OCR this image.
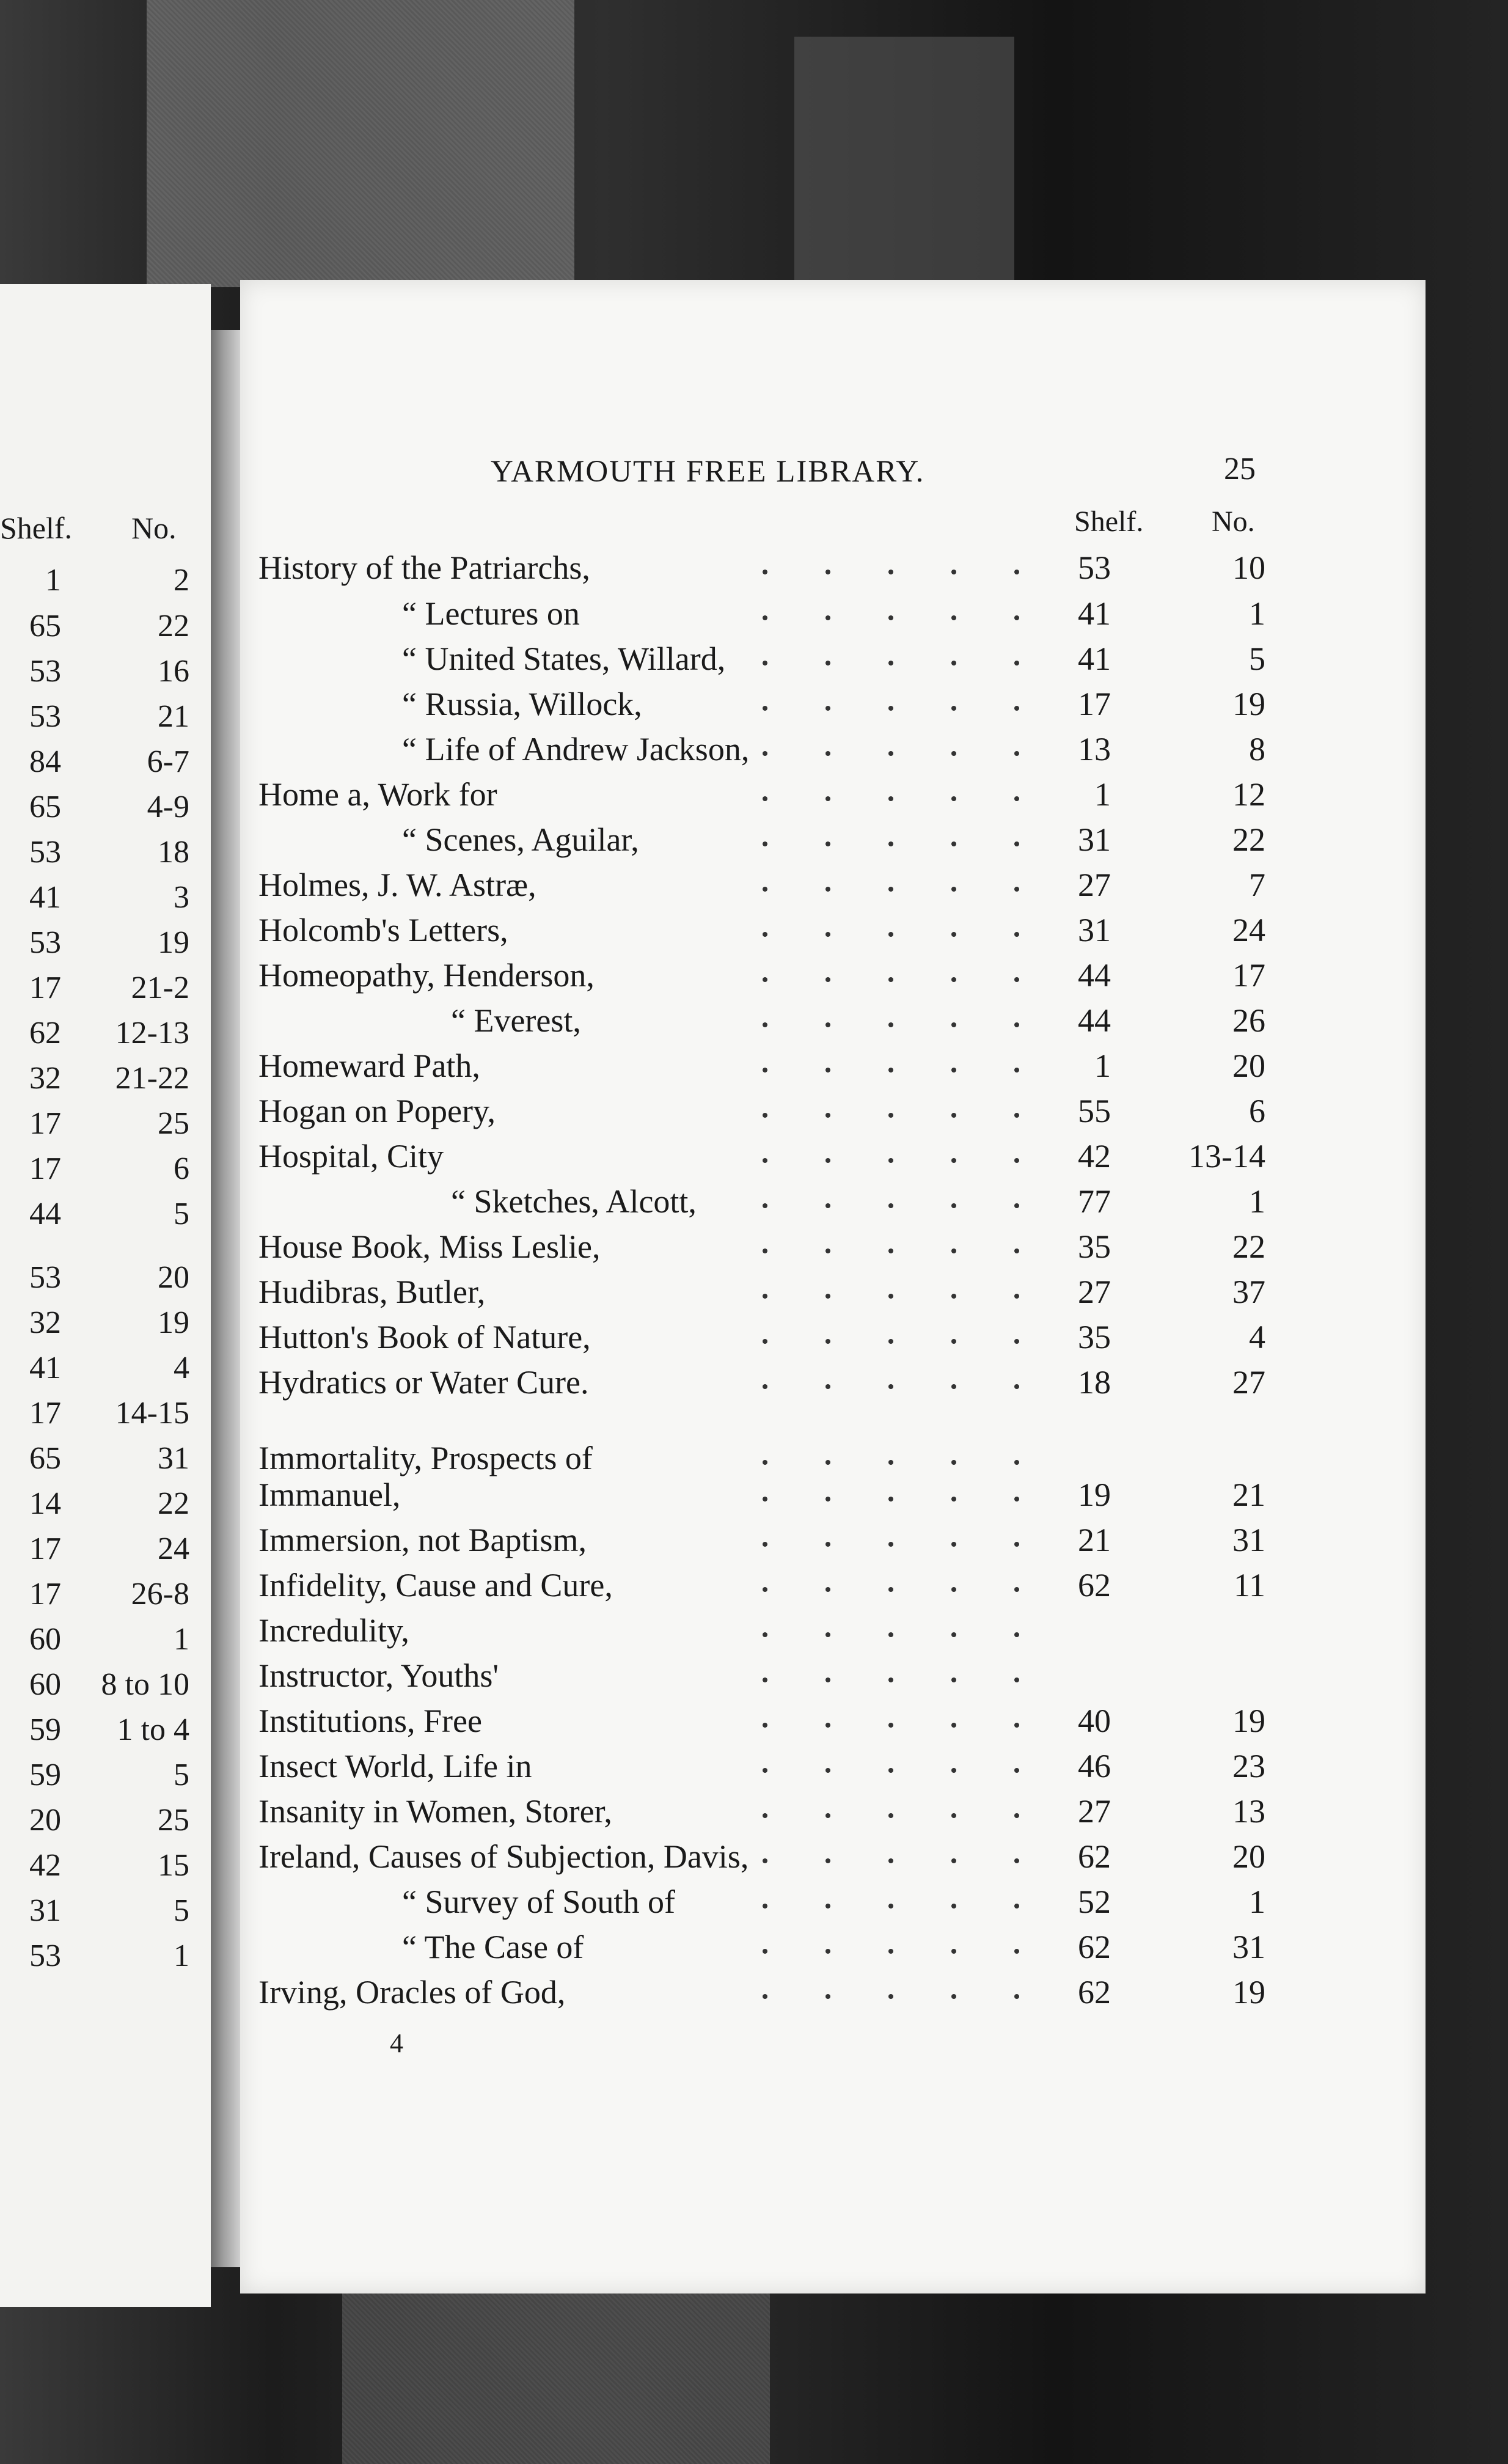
Shelf. No.
1	2
65	22
53	16
53	21
84	6-7
65	4-9
53	18
41	3
53	19
17 21-2
62 12-13
32 21-22
17	25
17	6
44	5
53	20
32	19
41	4
17 14-15
65	31
14	22
17	24
17 26-8
60	1
60 8 to 10
59 1 to 4
59	5
20	25
42	15
31	5
53	1
YARMOUTH FREE LIBRARY.	25
Shelf. No.
History of the Patriarchs,	53	10
“ Lectures on	41	1
“ United States, Willard,	41	5
“ Russia, Willock,	17	19
“ Life of Andrew Jackson,	13	8
Home a, Work for	1	12
“ Scenes, Aguilar,	31	22
Holmes, J. W. Astræ,	27	7
Holcomb's Letters,	31	24
Homeopathy, Henderson,	44	17
“ Everest,	44	26
Homeward Path,	1	20
Hogan on Popery,	55	6
Hospital, City	42 13-14
“ Sketches, Alcott,	77	1
House Book, Miss Leslie,	35	22
Hudibras, Butler,	27	37
Hutton's Book of Nature,	35	4
Hydratics or Water Cure.	18	27
Immortality, Prospects of
Immanuel,	19	21
Immersion, not Baptism,	21	31
Infidelity, Cause and Cure,	62	11
Incredulity,
Instructor, Youths'
Institutions, Free	40	19
Insect World, Life in	46	23
Insanity in Women, Storer,	27	13
Ireland, Causes of Subjection, Davis,	62	20
“ Survey of South of	52	1
“ The Case of	62	31
Irving, Oracles of God,	62	19
4
